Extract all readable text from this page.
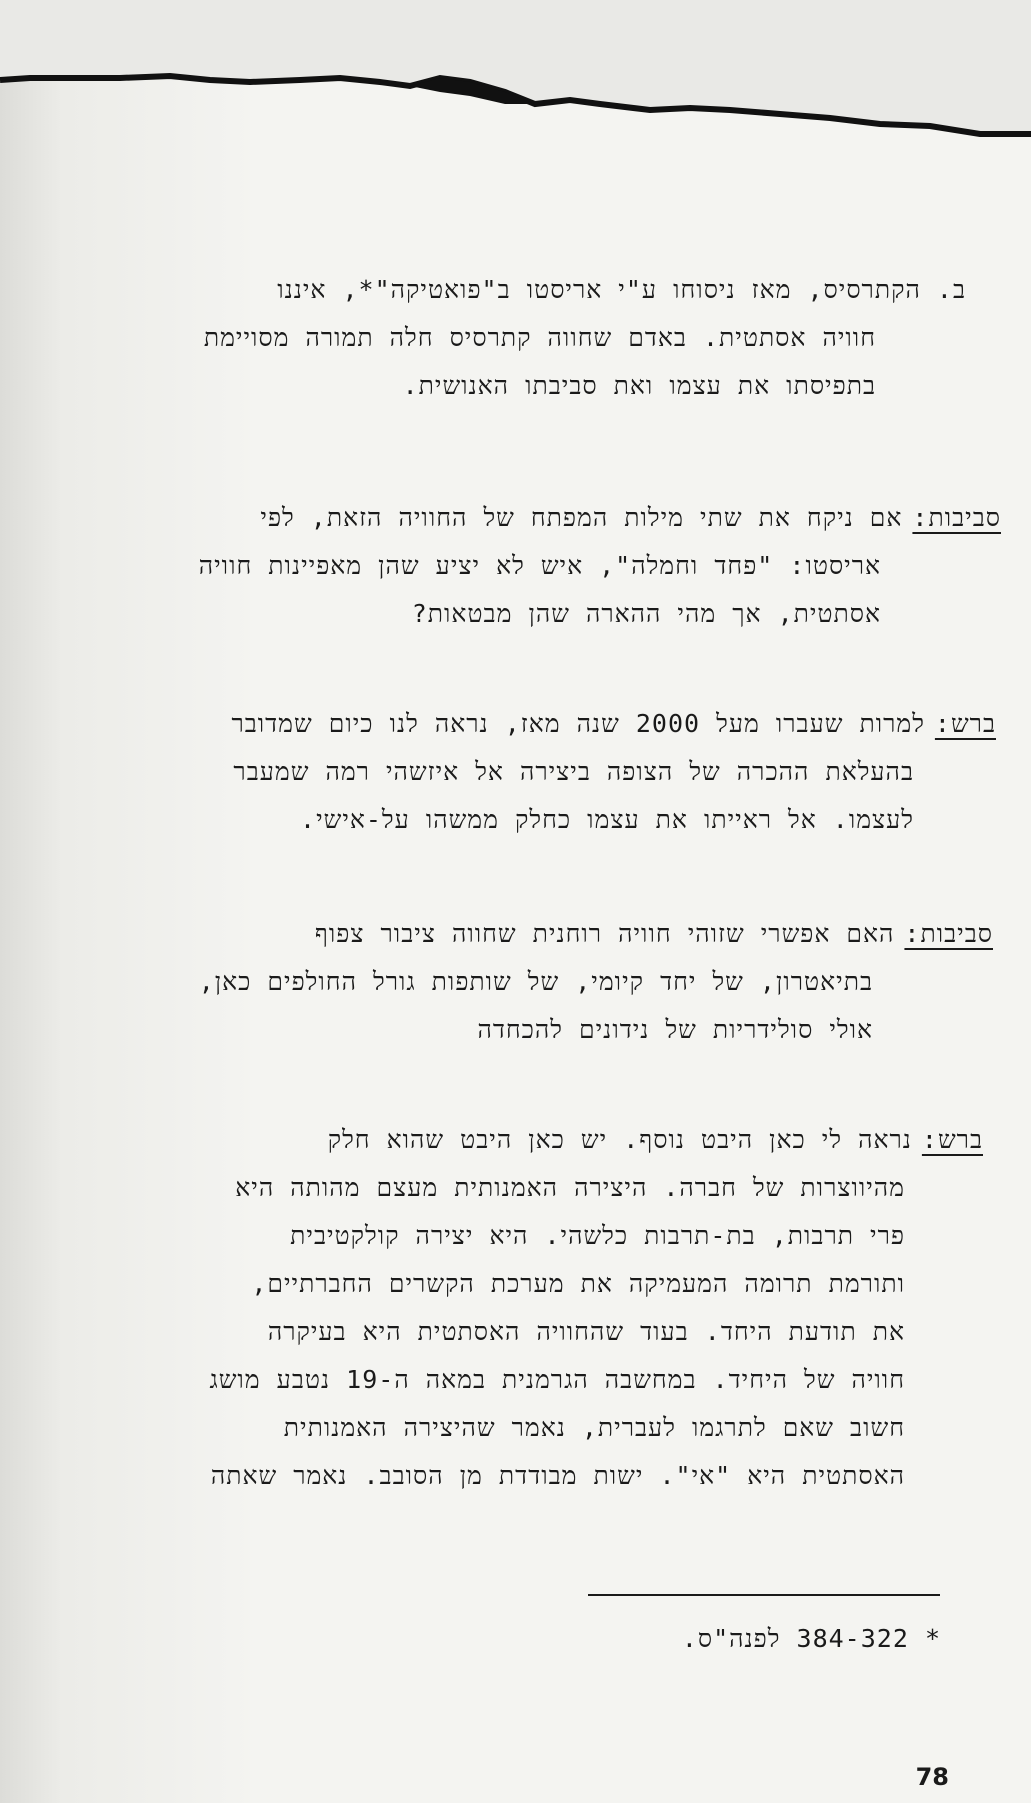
ב. הקתרסיס, מאז ניסוחו ע"י אריסטו ב"פואטיקה"*, איננו
חוויה אסתטית. באדם שחווה קתרסיס חלה תמורה מסויימת
בתפיסתו את עצמו ואת סביבתו האנושית.
סביבות:אם ניקח את שתי מילות המפתח של החוויה הזאת, לפי
אריסטו: "פחד וחמלה", איש לא יציע שהן מאפיינות חוויה
אסתטית, אך מהי ההארה שהן מבטאות?
ברש:למרות שעברו מעל 2000 שנה מאז, נראה לנו כיום שמדובר
בהעלאת ההכרה של הצופה ביצירה אל איזשהי רמה שמעבר
לעצמו. אל ראייתו את עצמו כחלק ממשהו על-אישי.
סביבות:האם אפשרי שזוהי חוויה רוחנית שחווה ציבור צפוף
בתיאטרון, של יחד קיומי, של שותפות גורל החולפים כאן,
אולי סולידריות של נידונים להכחדה
ברש:נראה לי כאן היבט נוסף. יש כאן היבט שהוא חלק
מהיווצרות של חברה. היצירה האמנותית מעצם מהותה היא
פרי תרבות, בת-תרבות כלשהי. היא יצירה קולקטיבית
ותורמת תרומה המעמיקה את מערכת הקשרים החברתיים,
את תודעת היחד. בעוד שהחוויה האסתטית היא בעיקרה
חוויה של היחיד. במחשבה הגרמנית במאה ה-19 נטבע מושג
חשוב שאם לתרגמו לעברית, נאמר שהיצירה האמנותית
האסתטית היא "אי". ישות מבודדת מן הסובב. נאמר שאתה
* 384-322 לפנה"ס.
78
